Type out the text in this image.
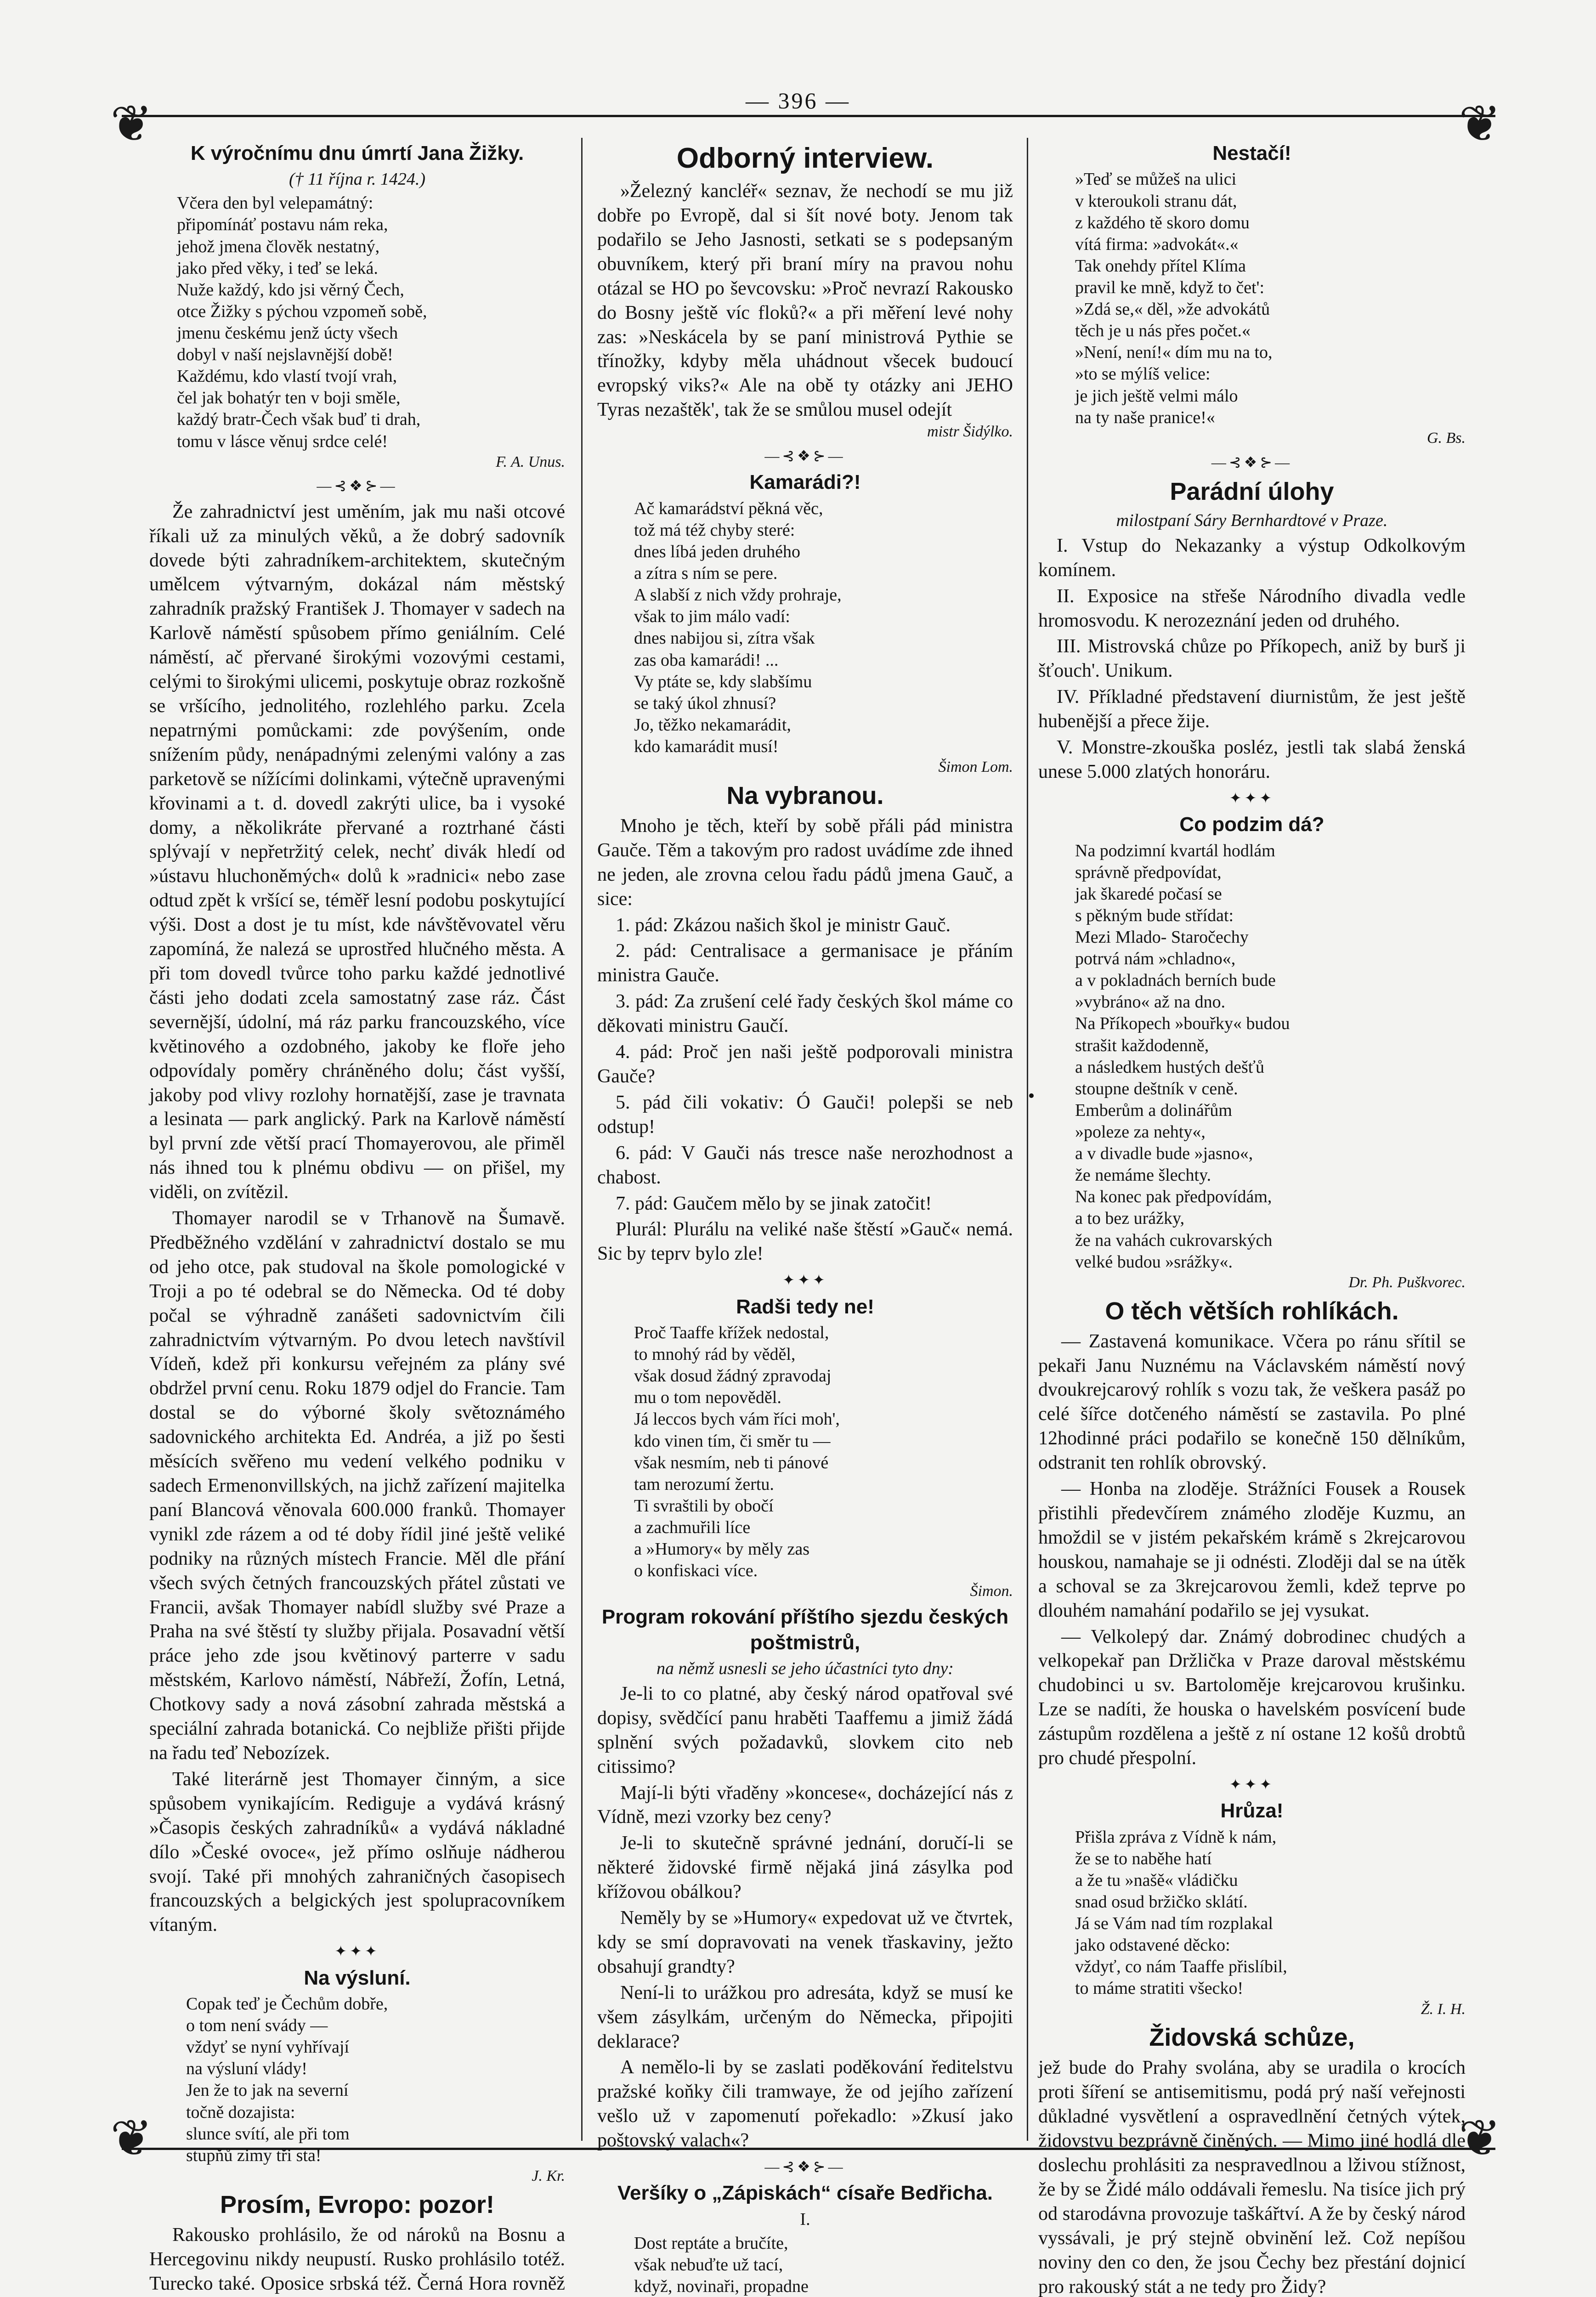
— 396 —
❦	❦
❦	❦
K výročnímu dnu úmrtí Jana Žižky.
(† 11 října r. 1424.)
Včera den byl velepamátný:
připomínáť postavu nám reka,
jehož jmena člověk nestatný,
jako před věky, i teď se leká.
Nuže každý, kdo jsi věrný Čech,
otce Žižky s pýchou vzpomeň sobě,
jmenu českému jenž úcty všech
dobyl v naší nejslavnější době!
Každému, kdo vlastí tvojí vrah,
čel jak bohatýr ten v boji směle,
každý bratr-Čech však buď ti drah,
tomu v lásce věnuj srdce celé!
F. A. Unus.
—⊰❖⊱—

Že zahradnictví jest uměním, jak mu naši otcové říkali už za minulých věků, a že dobrý sadovník dovede býti zahradníkem-architektem, skutečným umělcem výtvarným, dokázal nám městský zahradník pražský František J. Thomayer v sadech na Karlově náměstí spůsobem přímo geniálním. Celé náměstí, ač přervané širokými vozovými cestami, celými to širokými ulicemi, poskytuje obraz rozkošně se vršícího, jednolitého, rozlehlého parku. Zcela nepatrnými pomůckami: zde povýšením, onde snížením půdy, nenápadnými zelenými valóny a zas parketově se nížícími dolinkami, výtečně upravenými křovinami a t. d. dovedl zakrýti ulice, ba i vysoké domy, a několikráte přervané a roztrhané části splývají v nepřetržitý celek, nechť divák hledí od »ústavu hluchoněmých« dolů k »radnici« nebo zase odtud zpět k vršící se, téměř lesní podobu poskytující výši. Dost a dost je tu míst, kde návštěvovatel věru zapomíná, že nalezá se uprostřed hlučného města. A při tom dovedl tvůrce toho parku každé jednotlivé části jeho dodati zcela samostatný zase ráz. Část severnější, údolní, má ráz parku francouzského, více květinového a ozdobného, jakoby ke floře jeho odpovídaly poměry chráněného dolu; část vyšší, jakoby pod vlivy rozlohy hornatější, zase je travnata a lesinata — park anglický. Park na Karlově náměstí byl první zde větší prací Thomayerovou, ale přiměl nás ihned tou k plnému obdivu — on přišel, my viděli, on zvítězil.

Thomayer narodil se v Trhanově na Šumavě. Předběžného vzdělání v zahradnictví dostalo se mu od jeho otce, pak studoval na škole pomologické v Troji a po té odebral se do Německa. Od té doby počal se výhradně zanášeti sadovnictvím čili zahradnictvím výtvarným. Po dvou letech navštívil Vídeň, kdež při konkursu veřejném za plány své obdržel první cenu. Roku 1879 odjel do Francie. Tam dostal se do výborné školy světoznámého sadovnického architekta Ed. Andréa, a již po šesti měsících svěřeno mu vedení velkého podniku v sadech Ermenonvillských, na jichž zařízení majitelka paní Blancová věnovala 600.000 franků. Thomayer vynikl zde rázem a od té doby řídil jiné ještě veliké podniky na různých místech Francie. Měl dle přání všech svých četných francouzských přátel zůstati ve Francii, avšak Thomayer nabídl služby své Praze a Praha na své štěstí ty služby přijala. Posavadní větší práce jeho zde jsou květinový parterre v sadu městském, Karlovo náměstí, Nábřeží, Žofín, Letná, Chotkovy sady a nová zásobní zahrada městská a speciální zahrada botanická. Co nejbliže přišti přijde na řadu teď Nebozízek.

Také literárně jest Thomayer činným, a sice spůsobem vynikajícím. Rediguje a vydává krásný »Časopis českých zahradníků« a vydává nákladné dílo »České ovoce«, jež přímo oslňuje nádherou svojí. Také při mnohých zahraničných časopisech francouzských a belgických jest spolupracovníkem vítaným.

✦✦✦
Na výsluní.
Copak teď je Čechům dobře,
o tom není svády —
vždyť se nyní vyhřívají
na výsluní vlády!
Jen že to jak na severní
točně dozajista:
slunce svítí, ale při tom
stupňů zimy tři sta!
J. Kr.
Prosím, Evropo: pozor!

Rakousko prohlásilo, že od nároků na Bosnu a Hercegovinu nikdy neupustí. Rusko prohlásilo totéž. Turecko také. Oposice srbská též. Černá Hora rovněž

Odborný interview.

»Železný kancléř« seznav, že nechodí se mu již dobře po Evropě, dal si šít nové boty. Jenom tak podařilo se Jeho Jasnosti, setkati se s podepsaným obuvníkem, který při braní míry na pravou nohu otázal se HO po ševcovsku: »Proč nevrazí Rakousko do Bosny ještě víc floků?« a při měření levé nohy zas: »Neskácela by se paní ministrová Pythie se třínožky, kdyby měla uhádnout všecek budoucí evropský viks?« Ale na obě ty otázky ani JEHO Tyras nezaštěk', tak že se smůlou musel odejít

mistr Šidýlko.
—⊰❖⊱—
Kamarádi?!
Ač kamarádství pěkná věc,
tož má též chyby steré:
dnes líbá jeden druhého
a zítra s ním se pere.
A slabší z nich vždy prohraje,
však to jim málo vadí:
dnes nabijou si, zítra však
zas oba kamarádi! ...
Vy ptáte se, kdy slabšímu
se taký úkol zhnusí?
Jo, těžko nekamarádit,
kdo kamarádit musí!
Šimon Lom.
Na vybranou.

Mnoho je těch, kteří by sobě přáli pád ministra Gauče. Těm a takovým pro radost uvádíme zde ihned ne jeden, ale zrovna celou řadu pádů jmena Gauč, a sice:

1. pád: Zkázou našich škol je ministr Gauč.

2. pád: Centralisace a germanisace je přáním ministra Gauče.

3. pád: Za zrušení celé řady českých škol máme co děkovati ministru Gaučí.

4. pád: Proč jen naši ještě podporovali ministra Gauče?

5. pád čili vokativ: Ó Gauči! polepši se neb odstup!

6. pád: V Gauči nás tresce naše nerozhodnost a chabost.

7. pád: Gaučem mělo by se jinak zatočit!

Plurál: Plurálu na veliké naše štěstí »Gauč« nemá. Sic by teprv bylo zle!

✦✦✦
Radši tedy ne!
Proč Taaffe křížek nedostal,
to mnohý rád by věděl,
však dosud žádný zpravodaj
mu o tom nepověděl.
Já leccos bych vám říci moh',
kdo vinen tím, či směr tu —
však nesmím, neb ti pánové
tam nerozumí žertu.
Ti svraštili by obočí
a zachmuřili líce
a »Humory« by měly zas
o konfiskaci více.
Šimon.
Program rokování příštího sjezdu českých poštmistrů,
na němž usnesli se jeho účastníci tyto dny:

Je-li to co platné, aby český národ opatřoval své dopisy, svědčící panu hraběti Taaffemu a jimiž žádá splnění svých požadavků, slovkem cito neb citissimo?

Mají-li býti vřaděny »koncese«, docházející nás z Vídně, mezi vzorky bez ceny?

Je-li to skutečně správné jednání, doručí-li se některé židovské firmě nějaká jiná zásylka pod křížovou obálkou?

Neměly by se »Humory« expedovat už ve čtvrtek, kdy se smí dopravovati na venek třaskaviny, ježto obsahují grandty?

Není-li to urážkou pro adresáta, když se musí ke všem zásylkám, určeným do Německa, připojiti deklarace?

A nemělo-li by se zaslati poděkování ředitelstvu pražské koňky čili tramwaye, že od jejího zařízení vešlo už v zapomenutí pořekadlo: »Zkusí jako poštovský valach«?

—⊰❖⊱—
Veršíky o „Zápiskách“ císaře Bedřicha.
I.
Dost reptáte a bručíte,
však nebuďte už tací,
když, novinaři, propadne
Nestačí!
»Teď se můžeš na ulici
v kteroukoli stranu dát,
z každého tě skoro domu
vítá firma: »advokát«.«
Tak onehdy přítel Klíma
pravil ke mně, když to čet':
»Zdá se,« děl, »že advokátů
těch je u nás přes počet.«
»Není, není!« dím mu na to,
»to se mýlíš velice:
je jich ještě velmi málo
na ty naše pranice!«
G. Bs.
—⊰❖⊱—
Parádní úlohy
milostpaní Sáry Bernhardtové v Praze.

I. Vstup do Nekazanky a výstup Odkolkovým komínem.

II. Exposice na střeše Národního divadla vedle hromosvodu. K nerozeznání jeden od druhého.

III. Mistrovská chůze po Příkopech, aniž by burš ji šťouch'. Unikum.

IV. Příkladné představení diurnistům, že jest ještě hubenější a přece žije.

V. Monstre-zkouška posléz, jestli tak slabá ženská unese 5.000 zlatých honoráru.

✦✦✦
Co podzim dá?
Na podzimní kvartál hodlám
správně předpovídat,
jak škaredé počasí se
s pěkným bude střídat:
Mezi Mlado- Staročechy
potrvá nám »chladno«,
a v pokladnách berních bude
»vybráno« až na dno.
Na Příkopech »bouřky« budou
strašit každodenně,
a následkem hustých dešťů
stoupne deštník v ceně.
Emberům a dolinářům
»poleze za nehty«,
a v divadle bude »jasno«,
že nemáme šlechty.
Na konec pak předpovídám,
a to bez urážky,
že na vahách cukrovarských
velké budou »srážky«.
Dr. Ph. Puškvorec.
O těch větších rohlíkách.

— Zastavená komunikace. Včera po ránu sřítil se pekaři Janu Nuznému na Václavském náměstí nový dvoukrejcarový rohlík s vozu tak, že veškera pasáž po celé šířce dotčeného náměstí se zastavila. Po plné 12hodinné práci podařilo se konečně 150 dělníkům, odstranit ten rohlík obrovský.

— Honba na zloděje. Strážníci Fousek a Rousek přistihli předevčírem známého zloděje Kuzmu, an hmoždil se v jistém pekařském krámě s 2krejcarovou houskou, namahaje se ji odnésti. Zloději dal se na útěk a schoval se za 3krejcarovou žemli, kdež teprve po dlouhém namahání podařilo se jej vysukat.

— Velkolepý dar. Známý dobrodinec chudých a velkopekař pan Držlička v Praze daroval městskému chudobinci u sv. Bartoloměje krejcarovou krušinku. Lze se nadíti, že houska o havelském posvícení bude zástupům rozdělena a ještě z ní ostane 12 košů drobtů pro chudé přespolní.

✦✦✦
Hrůza!
Přišla zpráva z Vídně k nám,
že se to naběhe hatí
a že tu »našě« vládičku
snad osud bržičko sklátí.
Já se Vám nad tím rozplakal
jako odstavené děcko:
vždyť, co nám Taaffe přislíbil,
to máme stratiti všecko!
Ž. I. H.
Židovská schůze,

jež bude do Prahy svolána, aby se uradila o krocích proti šíření se antisemitismu, podá prý naší veřejnosti důkladné vysvětlení a ospravedlnění četných výtek, židovstvu bezprávně činěných. — Mimo jiné hodlá dle doslechu prohlásiti za nespravedlnou a lživou stížnost, že by se Židé málo oddávali řemeslu. Na tisíce jich prý od starodávna provozuje taškářtví. A že by český národ vyssávali, je prý stejně obvinění lež. Což nepíšou noviny den co den, že jsou Čechy bez přestání dojnicí pro rakouský stát a ne tedy pro Židy?
